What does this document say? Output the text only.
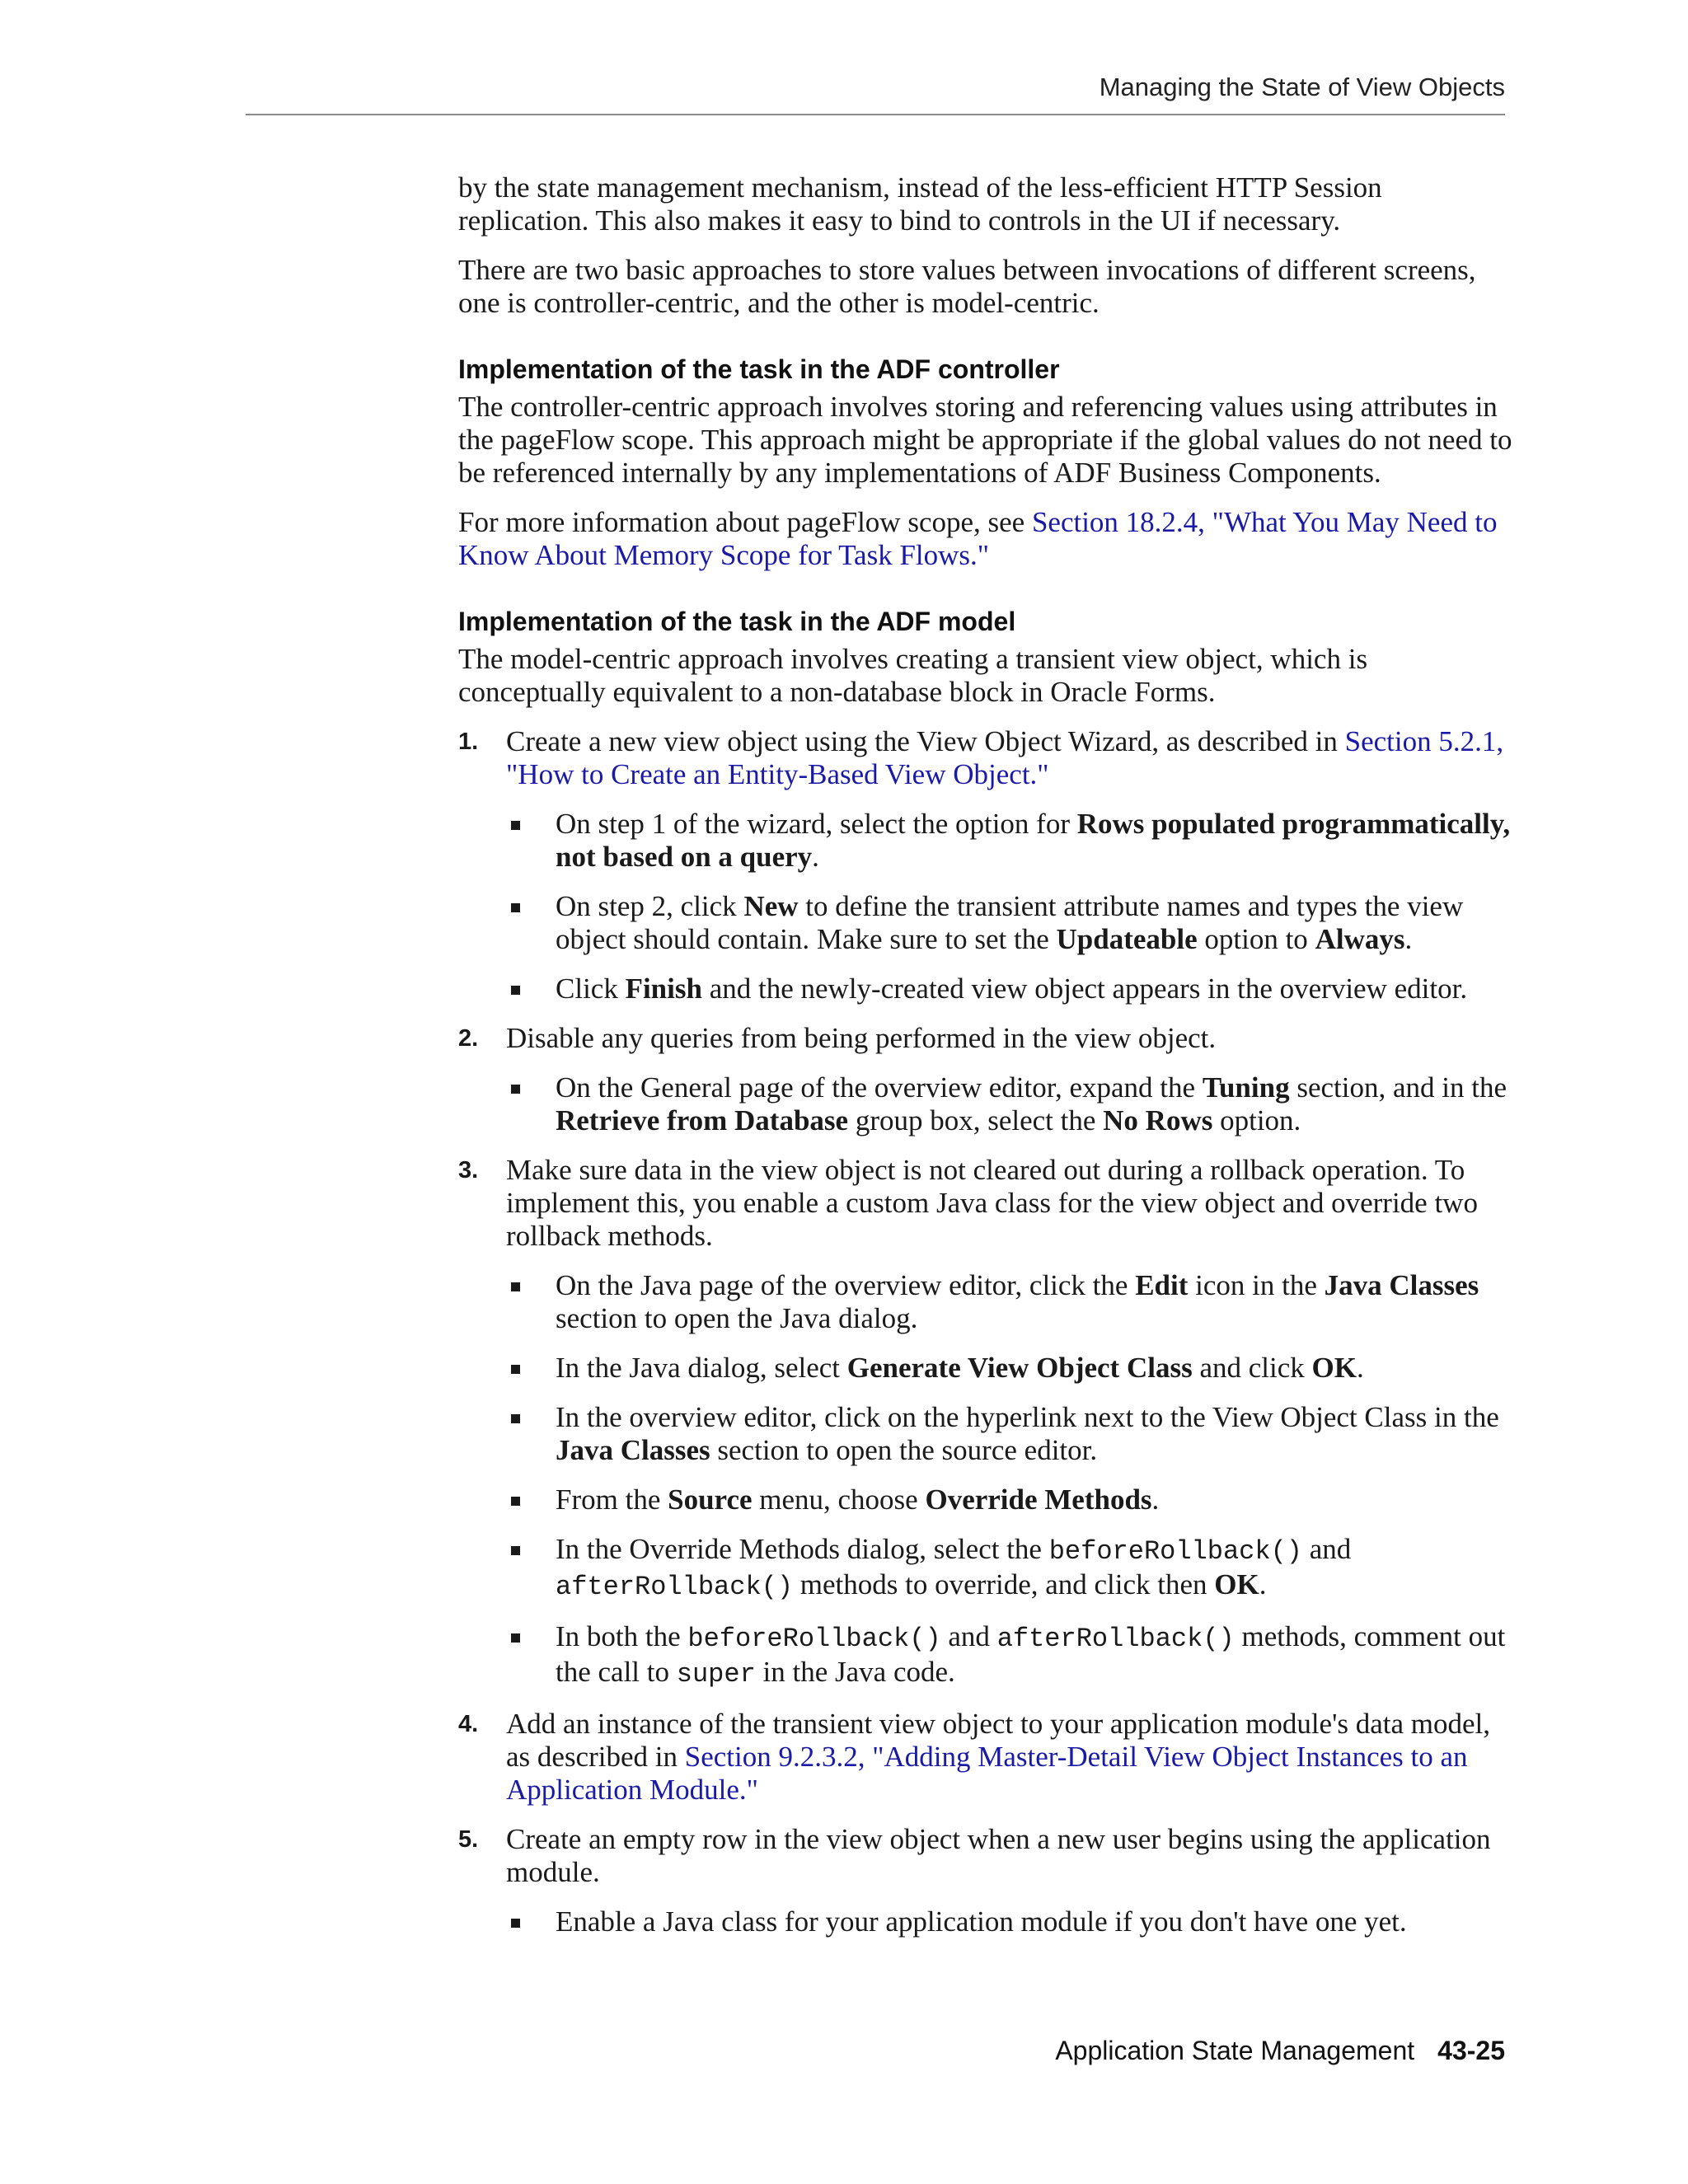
Managing the State of View Objects

by the state management mechanism, instead of the less-efficient HTTP Session replication. This also makes it easy to bind to controls in the UI if necessary.

There are two basic approaches to store values between invocations of different screens, one is controller-centric, and the other is model-centric.

Implementation of the task in the ADF controller

The controller-centric approach involves storing and referencing values using attributes in the pageFlow scope. This approach might be appropriate if the global values do not need to be referenced internally by any implementations of ADF Business Components.

For more information about pageFlow scope, see Section 18.2.4, "What You May Need to Know About Memory Scope for Task Flows."

Implementation of the task in the ADF model

The model-centric approach involves creating a transient view object, which is conceptually equivalent to a non-database block in Oracle Forms.

1. Create a new view object using the View Object Wizard, as described in Section 5.2.1, "How to Create an Entity-Based View Object."
On step 1 of the wizard, select the option for Rows populated programmatically, not based on a query.
On step 2, click New to define the transient attribute names and types the view object should contain. Make sure to set the Updateable option to Always.
Click Finish and the newly-created view object appears in the overview editor.
2. Disable any queries from being performed in the view object.
On the General page of the overview editor, expand the Tuning section, and in the Retrieve from Database group box, select the No Rows option.
3. Make sure data in the view object is not cleared out during a rollback operation. To implement this, you enable a custom Java class for the view object and override two rollback methods.
On the Java page of the overview editor, click the Edit icon in the Java Classes section to open the Java dialog.
In the Java dialog, select Generate View Object Class and click OK.
In the overview editor, click on the hyperlink next to the View Object Class in the Java Classes section to open the source editor.
From the Source menu, choose Override Methods.
In the Override Methods dialog, select the beforeRollback() and afterRollback() methods to override, and click then OK.
In both the beforeRollback() and afterRollback() methods, comment out the call to super in the Java code.
4. Add an instance of the transient view object to your application module's data model, as described in Section 9.2.3.2, "Adding Master-Detail View Object Instances to an Application Module."
5. Create an empty row in the view object when a new user begins using the application module.
Enable a Java class for your application module if you don't have one yet.
Application State Management 43-25
